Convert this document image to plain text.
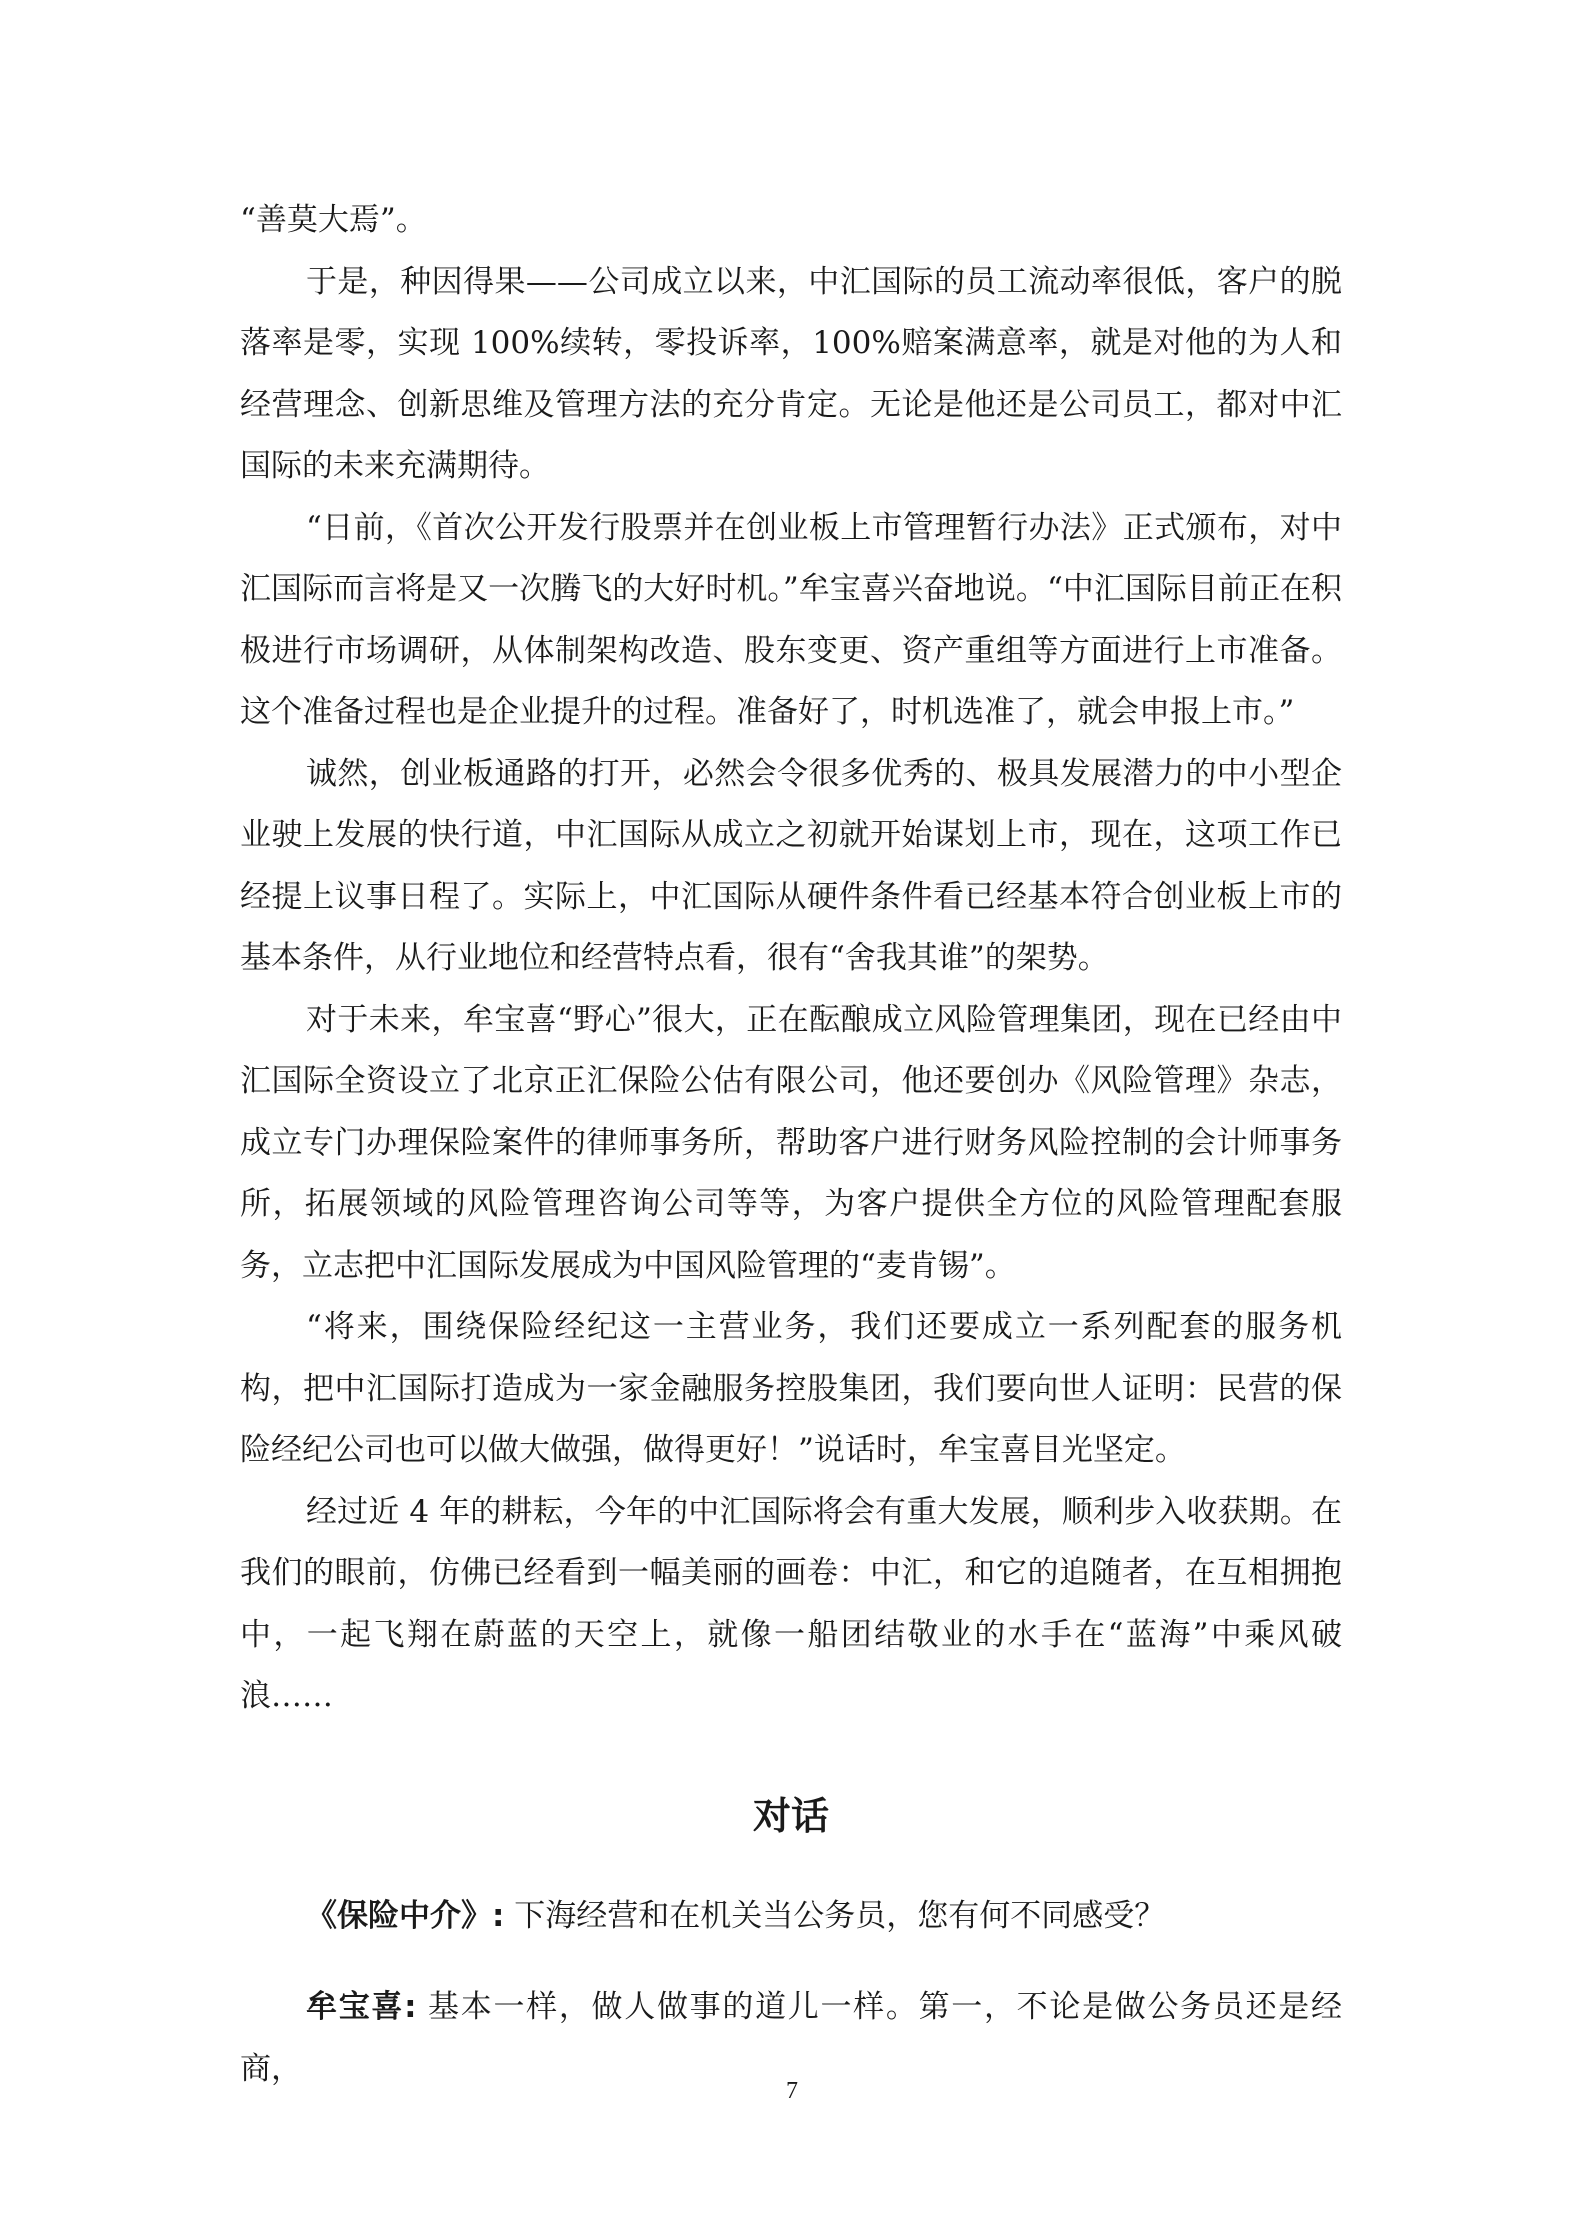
“善莫大焉”。

于是，种因得果——公司成立以来，中汇国际的员工流动率很低，客户的脱落率是零，实现 100%续转，零投诉率，100%赔案满意率，就是对他的为人和经营理念、创新思维及管理方法的充分肯定。无论是他还是公司员工，都对中汇国际的未来充满期待。

“日前，《首次公开发行股票并在创业板上市管理暂行办法》正式颁布，对中汇国际而言将是又一次腾飞的大好时机。”牟宝喜兴奋地说。“中汇国际目前正在积极进行市场调研，从体制架构改造、股东变更、资产重组等方面进行上市准备。这个准备过程也是企业提升的过程。准备好了，时机选准了，就会申报上市。”

诚然，创业板通路的打开，必然会令很多优秀的、极具发展潜力的中小型企业驶上发展的快行道，中汇国际从成立之初就开始谋划上市，现在，这项工作已经提上议事日程了。实际上，中汇国际从硬件条件看已经基本符合创业板上市的基本条件，从行业地位和经营特点看，很有“舍我其谁”的架势。

对于未来，牟宝喜“野心”很大，正在酝酿成立风险管理集团，现在已经由中汇国际全资设立了北京正汇保险公估有限公司，他还要创办《风险管理》杂志，成立专门办理保险案件的律师事务所，帮助客户进行财务风险控制的会计师事务所，拓展领域的风险管理咨询公司等等，为客户提供全方位的风险管理配套服务，立志把中汇国际发展成为中国风险管理的“麦肯锡”。

“将来，围绕保险经纪这一主营业务，我们还要成立一系列配套的服务机构，把中汇国际打造成为一家金融服务控股集团，我们要向世人证明：民营的保险经纪公司也可以做大做强，做得更好！”说话时，牟宝喜目光坚定。

经过近 4 年的耕耘，今年的中汇国际将会有重大发展，顺利步入收获期。在我们的眼前，仿佛已经看到一幅美丽的画卷：中汇，和它的追随者，在互相拥抱中，一起飞翔在蔚蓝的天空上，就像一船团结敬业的水手在“蓝海”中乘风破浪……

对话

《保险中介》: 下海经营和在机关当公务员，您有何不同感受？

牟宝喜: 基本一样，做人做事的道儿一样。第一，不论是做公务员还是经商，

7
